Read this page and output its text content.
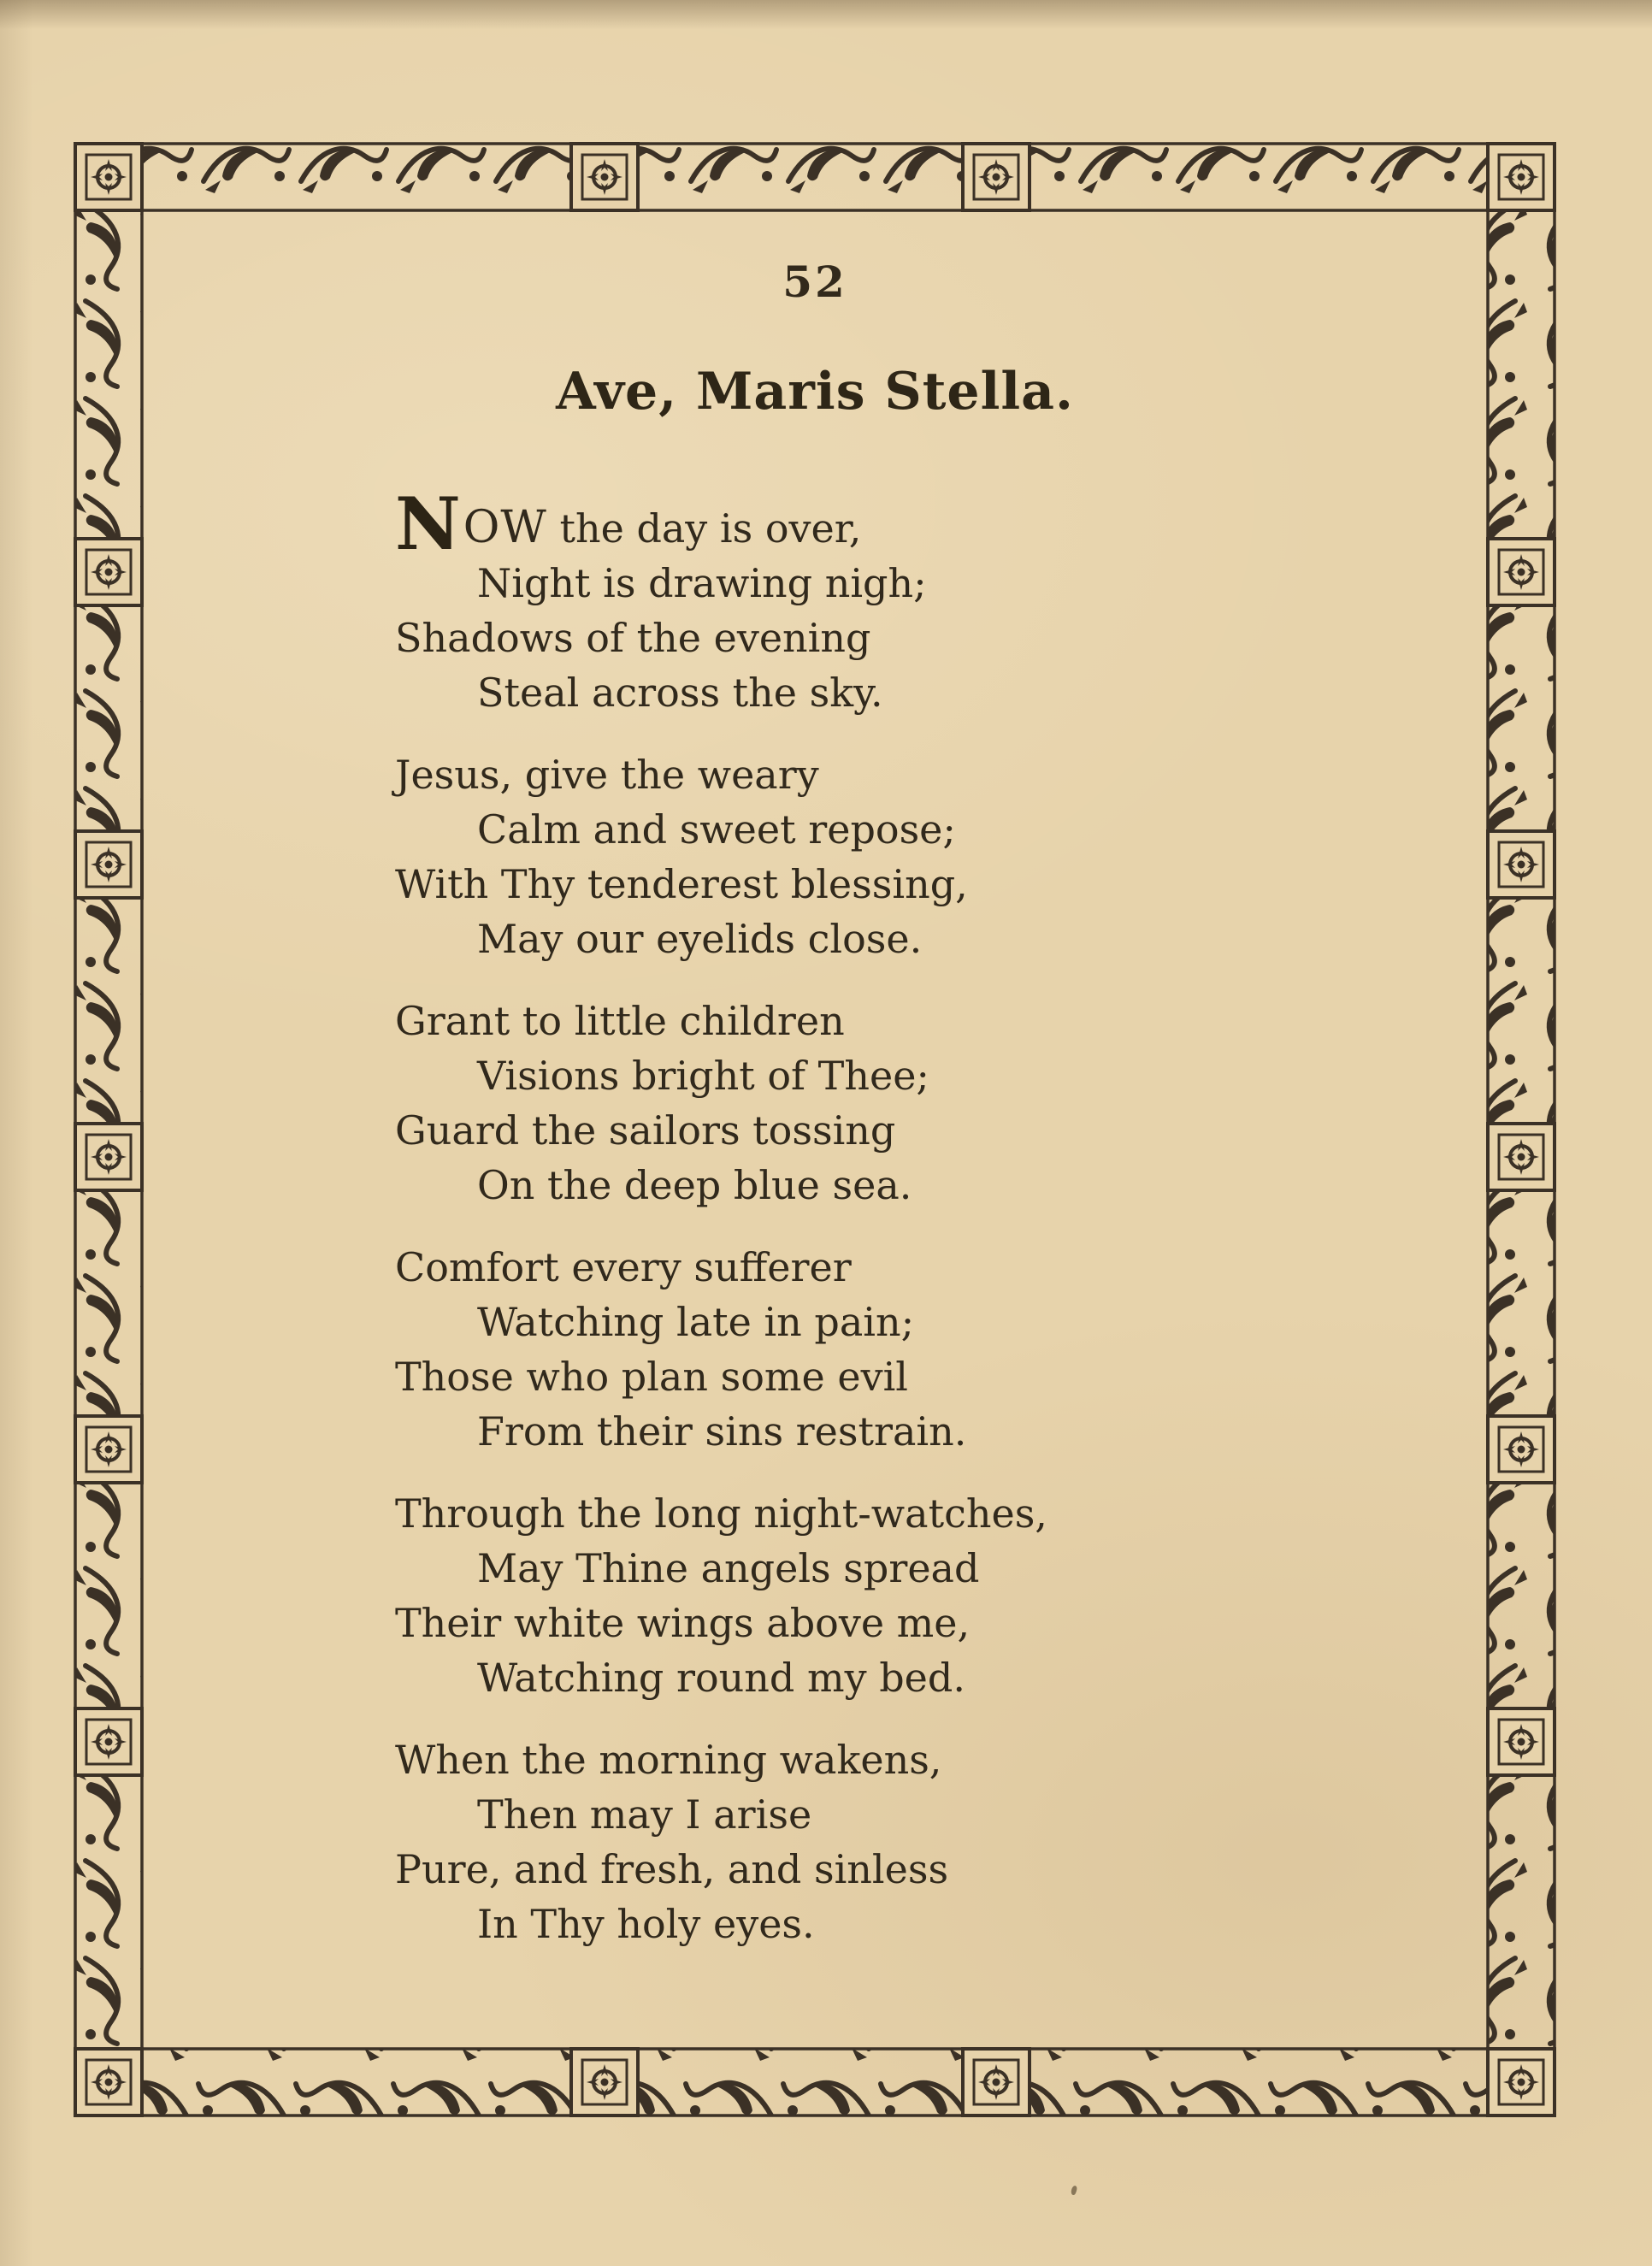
52
Ave, Maris Stella.
NOW the day is over,
Night is drawing nigh;
Shadows of the evening
Steal across the sky.
Jesus, give the weary
Calm and sweet repose;
With Thy tenderest blessing,
May our eyelids close.
Grant to little children
Visions bright of Thee;
Guard the sailors tossing
On the deep blue sea.
Comfort every sufferer
Watching late in pain;
Those who plan some evil
From their sins restrain.
Through the long night-watches,
May Thine angels spread
Their white wings above me,
Watching round my bed.
When the morning wakens,
Then may I arise
Pure, and fresh, and sinless
In Thy holy eyes.
